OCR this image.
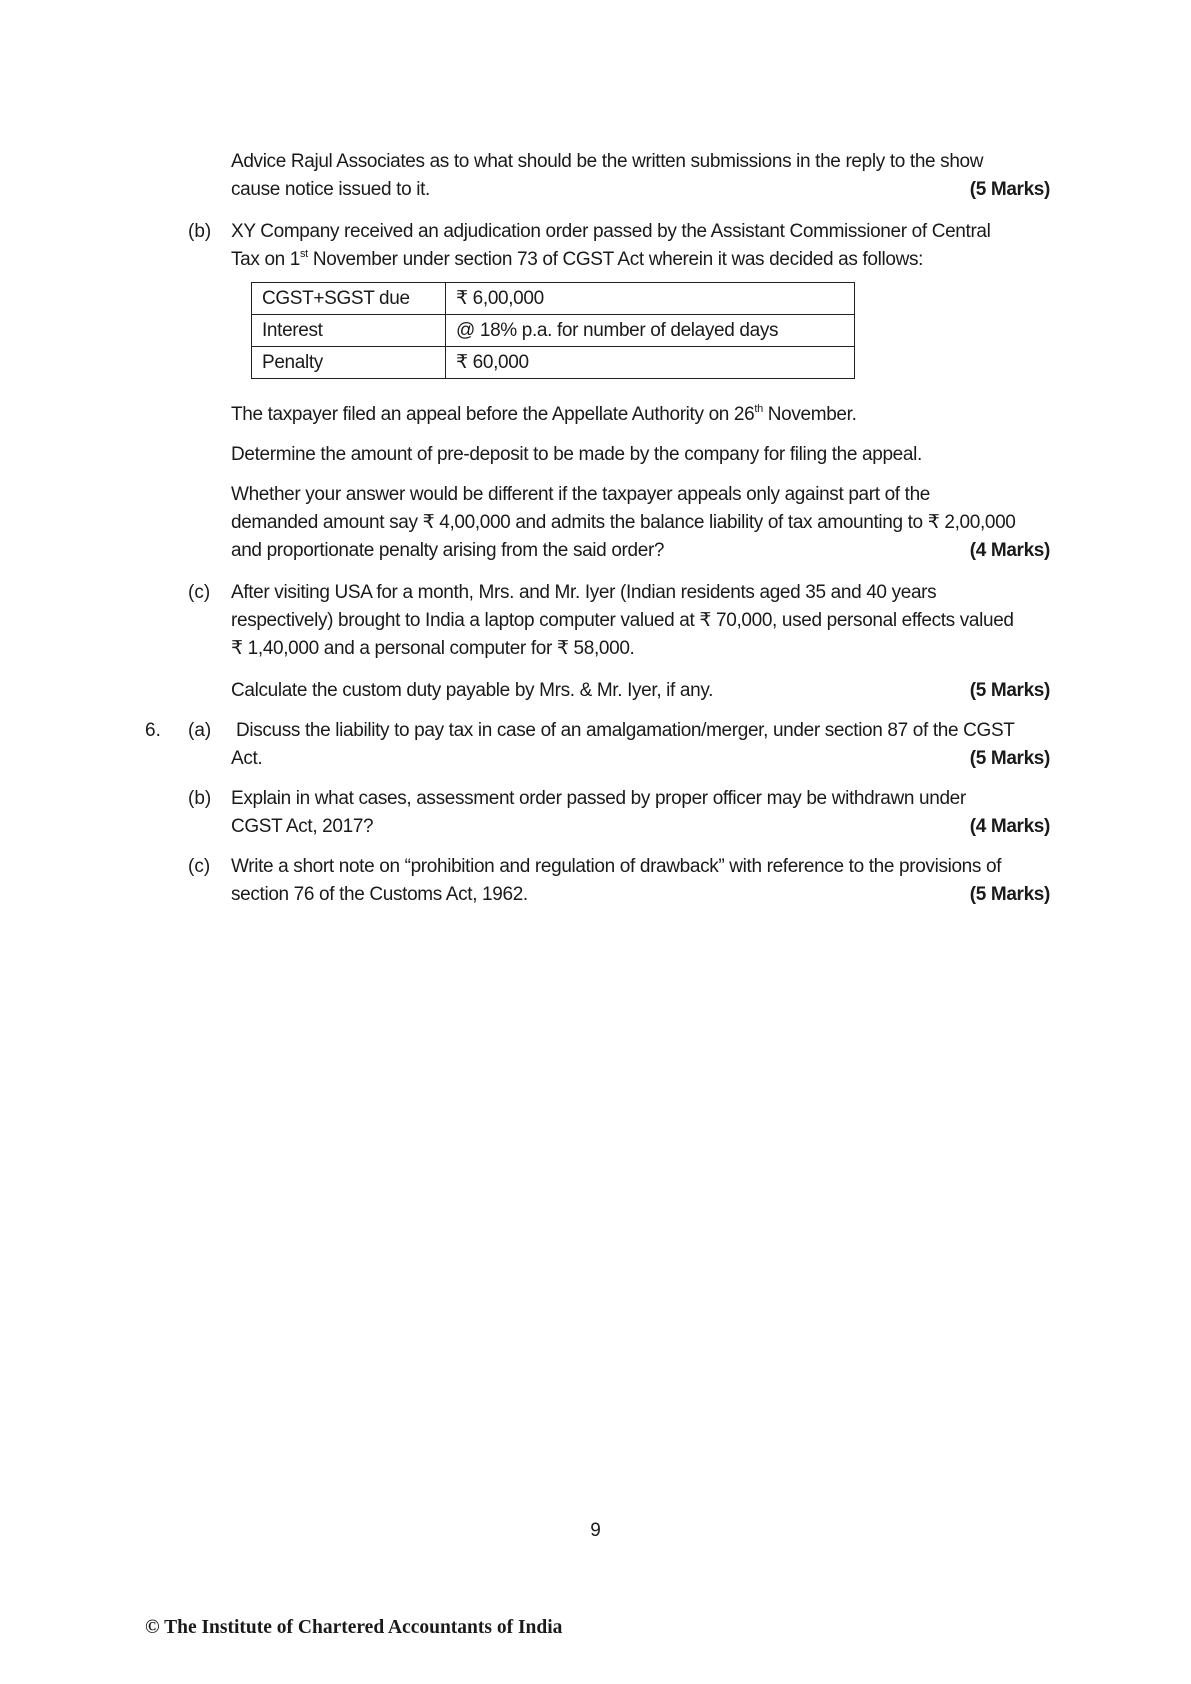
Advice Rajul Associates as to what should be the written submissions in the reply to the show
cause notice issued to it.	(5 Marks)
(b) XY Company received an adjudication order passed by the Assistant Commissioner of Central
Tax on 1st November under section 73 of CGST Act wherein it was decided as follows:
CGST+SGST due	₹ 6,00,000
Interest	@ 18% p.a. for number of delayed days
Penalty	₹ 60,000
The taxpayer filed an appeal before the Appellate Authority on 26th November.
Determine the amount of pre-deposit to be made by the company for filing the appeal.
Whether your answer would be different if the taxpayer appeals only against part of the
demanded amount say ₹ 4,00,000 and admits the balance liability of tax amounting to ₹ 2,00,000
and proportionate penalty arising from the said order?	(4 Marks)
(c) After visiting USA for a month, Mrs. and Mr. Iyer (Indian residents aged 35 and 40 years
respectively) brought to India a laptop computer valued at ₹ 70,000, used personal effects valued
₹ 1,40,000 and a personal computer for ₹ 58,000.
Calculate the custom duty payable by Mrs. & Mr. Iyer, if any.	(5 Marks)
6. (a) Discuss the liability to pay tax in case of an amalgamation/merger, under section 87 of the CGST
Act.	(5 Marks)
(b) Explain in what cases, assessment order passed by proper officer may be withdrawn under
CGST Act, 2017?	(4 Marks)
(c) Write a short note on “prohibition and regulation of drawback” with reference to the provisions of
section 76 of the Customs Act, 1962.	(5 Marks)
9
© The Institute of Chartered Accountants of India
